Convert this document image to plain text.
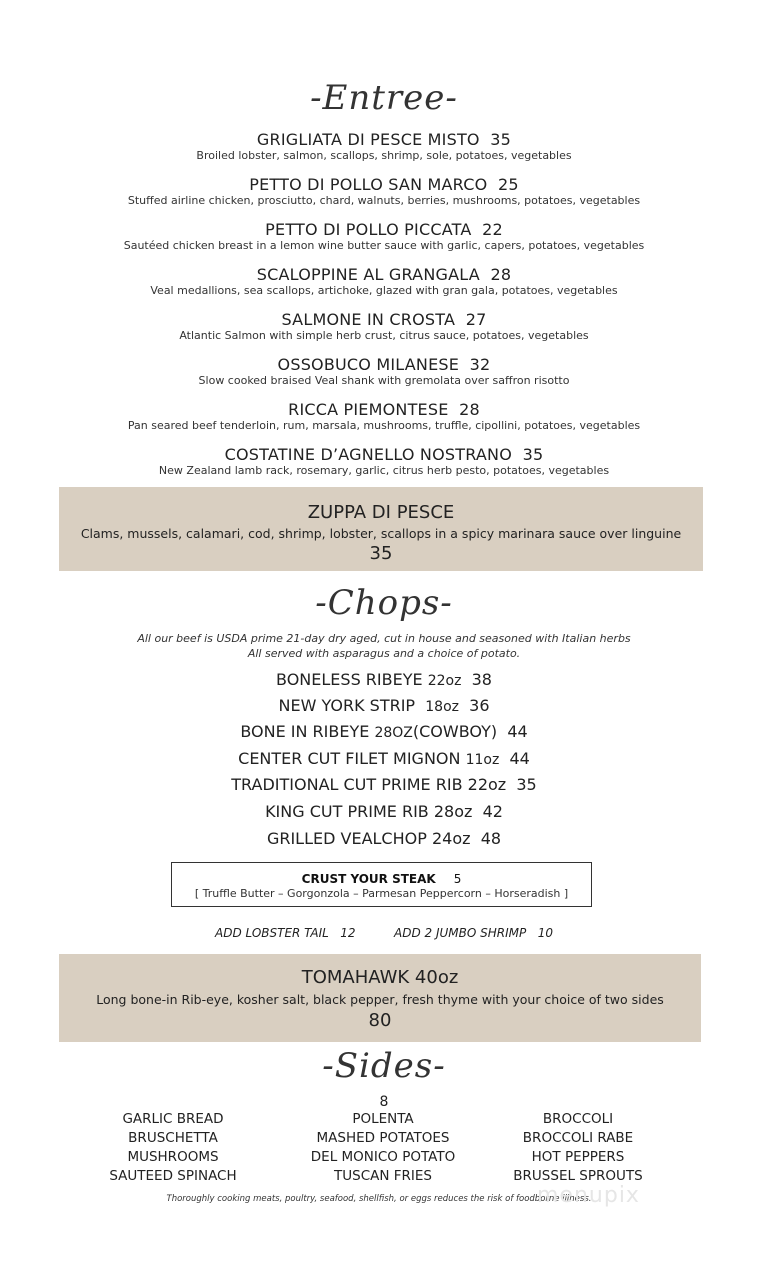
-Entree-
GRIGLIATA DI PESCE MISTO 35
Broiled lobster, salmon, scallops, shrimp, sole, potatoes, vegetables
PETTO DI POLLO SAN MARCO 25
Stuffed airline chicken, prosciutto, chard, walnuts, berries, mushrooms, potatoes, vegetables
PETTO DI POLLO PICCATA 22
Sautéed chicken breast in a lemon wine butter sauce with garlic, capers, potatoes, vegetables
SCALOPPINE AL GRANGALA 28
Veal medallions, sea scallops, artichoke, glazed with gran gala, potatoes, vegetables
SALMONE IN CROSTA 27
Atlantic Salmon with simple herb crust, citrus sauce, potatoes, vegetables
OSSOBUCO MILANESE 32
Slow cooked braised Veal shank with gremolata over saffron risotto
RICCA PIEMONTESE 28
Pan seared beef tenderloin, rum, marsala, mushrooms, truffle, cipollini, potatoes, vegetables
COSTATINE D’AGNELLO NOSTRANO 35
New Zealand lamb rack, rosemary, garlic, citrus herb pesto, potatoes, vegetables
ZUPPA DI PESCE
Clams, mussels, calamari, cod, shrimp, lobster, scallops in a spicy marinara sauce over linguine
35
-Chops-
All our beef is USDA prime 21-day dry aged, cut in house and seasoned with Italian herbs
All served with asparagus and a choice of potato.
BONELESS RIBEYE 22oz 38
NEW YORK STRIP 18oz 36
BONE IN RIBEYE 28OZ(COWBOY) 44
CENTER CUT FILET MIGNON 11oz 44
TRADITIONAL CUT PRIME RIB 22oz 35
KING CUT PRIME RIB 28oz 42
GRILLED VEALCHOP 24oz 48
CRUST YOUR STEAK 5
[ Truffle Butter – Gorgonzola – Parmesan Peppercorn – Horseradish ]
ADD LOBSTER TAIL 12	ADD 2 JUMBO SHRIMP 10
TOMAHAWK 40oz
Long bone-in Rib-eye, kosher salt, black pepper, fresh thyme with your choice of two sides
80
-Sides-
8
GARLIC BREAD
BRUSCHETTA
MUSHROOMS
SAUTEED SPINACH
POLENTA
MASHED POTATOES
DEL MONICO POTATO
TUSCAN FRIES
BROCCOLI
BROCCOLI RABE
HOT PEPPERS
BRUSSEL SPROUTS
Thoroughly cooking meats, poultry, seafood, shellfish, or eggs reduces the risk of foodborne illness.
menupix
